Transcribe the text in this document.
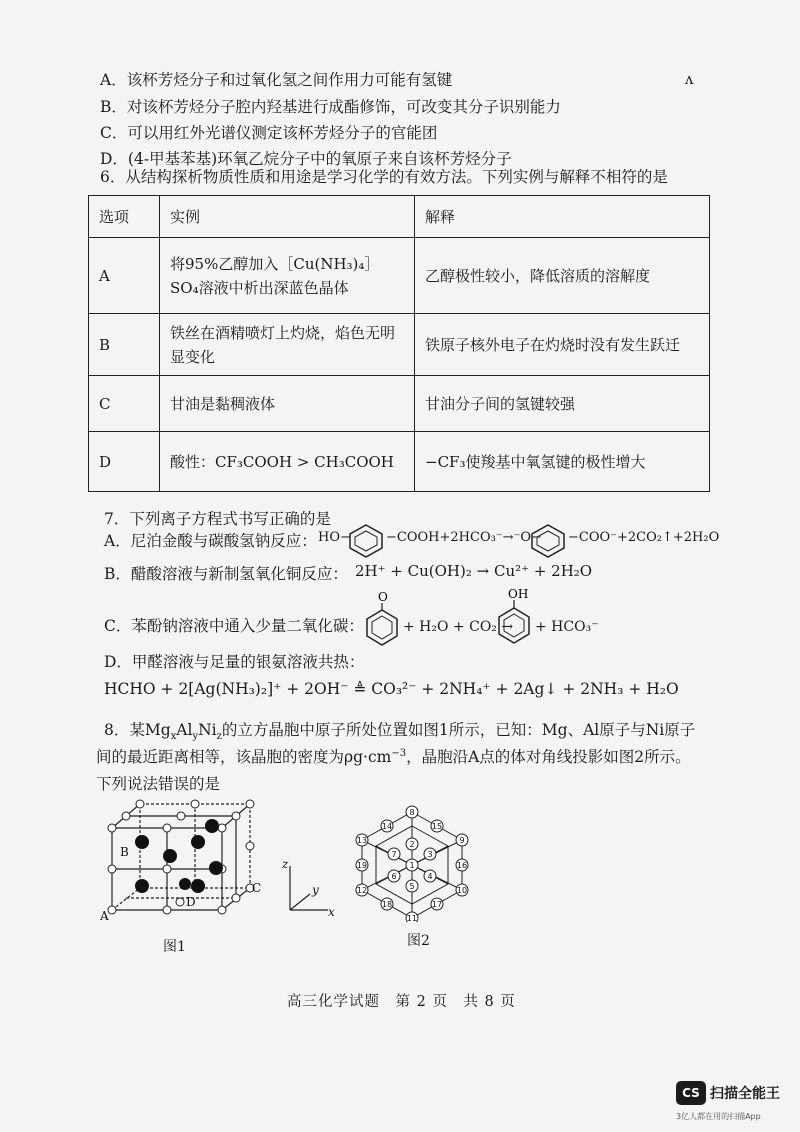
ʌ
A．该杯芳烃分子和过氧化氢之间作用力可能有氢键
B．对该杯芳烃分子腔内羟基进行成酯修饰，可改变其分子识别能力
C．可以用红外光谱仪测定该杯芳烃分子的官能团
D．(4-甲基苯基)环氧乙烷分子中的氧原子来自该杯芳烃分子
6．从结构探析物质性质和用途是学习化学的有效方法。下列实例与解释不相符的是
选项	实例	解释
A	将95%乙醇加入［Cu(NH₃)₄］SO₄溶液中析出深蓝色晶体	乙醇极性较小，降低溶质的溶解度
B	铁丝在酒精喷灯上灼烧，焰色无明显变化	铁原子核外电子在灼烧时没有发生跃迁
C	甘油是黏稠液体	甘油分子间的氢键较强
D	酸性：CF₃COOH > CH₃COOH	−CF₃使羧基中氧氢键的极性增大
7．下列离子方程式书写正确的是
A．尼泊金酸与碳酸氢钠反应： HO−	−COOH+2HCO₃⁻→⁻O− −COO⁻+2CO₂↑+2H₂O
B．醋酸溶液与新制氢氧化铜反应： 2H⁺ + Cu(OH)₂ → Cu²⁺ + 2H₂O
C．苯酚钠溶液中通入少量二氧化碳：
O
+ H₂O + CO₂ →
OH
+ HCO₃⁻
D．甲醛溶液与足量的银氨溶液共热：
HCHO + 2[Ag(NH₃)₂]⁺ + 2OH⁻ ≜ CO₃²⁻ + 2NH₄⁺ + 2Ag↓ + 2NH₃ + H₂O
8．某$Mg_xAl_yNi_z$的立方晶胞中原子所处位置如图1所示，已知：Mg、Al原子与Ni原子
间的最近距离相等，该晶胞的密度为$\rho g\cdot cm^{-3}$，晶胞沿A点的体对角线投影如图2所示。
下列说法错误的是
B
A
C
D
z
y
x
8
15
9
16
10
17
11
18
12
19
13
14
2
1
5
7	3
6	4
图1	图2
高三化学试题　第 2 页　共 8 页
CS 扫描全能王
3亿人都在用的扫描App
